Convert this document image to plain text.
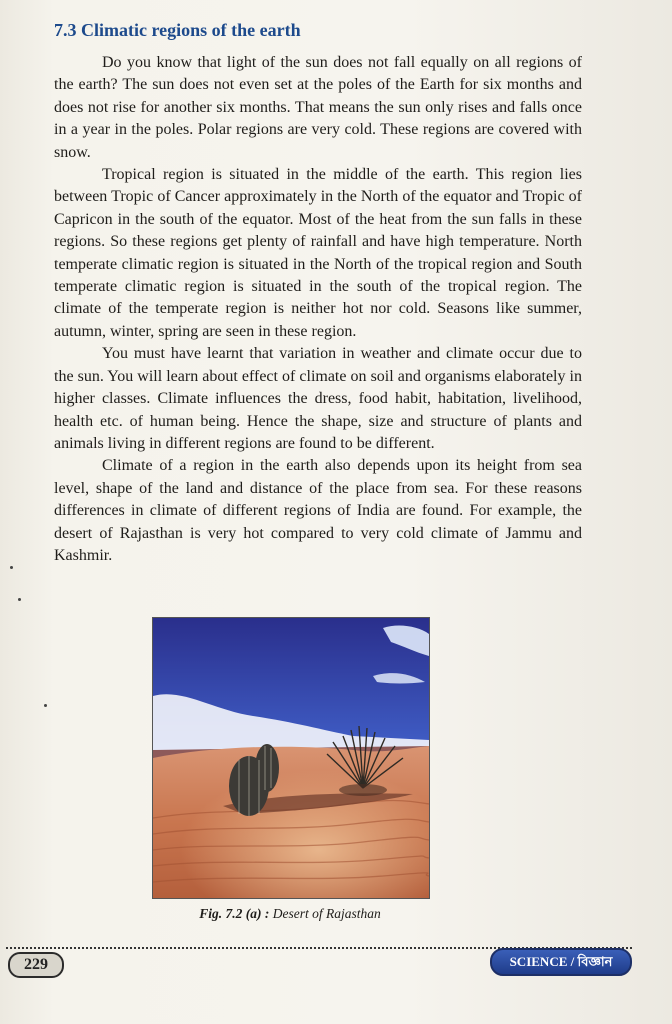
7.3 Climatic regions of the earth

Do you know that light of the sun does not fall equally on all regions of the earth? The sun does not even set at the poles of the Earth for six months and does not rise for another six months. That means the sun only rises and falls once in a year in the poles. Polar regions are very cold. These regions are covered with snow.

Tropical region is situated in the middle of the earth. This region lies between Tropic of Cancer approximately in the North of the equator and Tropic of Capricon in the south of the equator. Most of the heat from the sun falls in these regions. So these regions get plenty of rainfall and have high temperature. North temperate climatic region is situated in the North of the tropical region and South temperate climatic region is situated in the south of the tropical region. The climate of the temperate region is neither hot nor cold. Seasons like summer, autumn, winter, spring are seen in these region.

You must have learnt that variation in weather and climate occur due to the sun. You will learn about effect of climate on soil and organisms elaborately in higher classes. Climate influences the dress, food habit, habitation, livelihood, health etc. of human being. Hence the shape, size and structure of plants and animals living in different regions are found to be different.

Climate of a region in the earth also depends upon its height from sea level, shape of the land and distance of the place from sea. For these reasons differences in climate of different regions of India are found. For example, the desert of Rajasthan is very hot compared to very cold climate of Jammu and Kashmir.

Fig. 7.2 (a) : Desert of Rajasthan
229	SCIENCE / বিজ্ঞান
